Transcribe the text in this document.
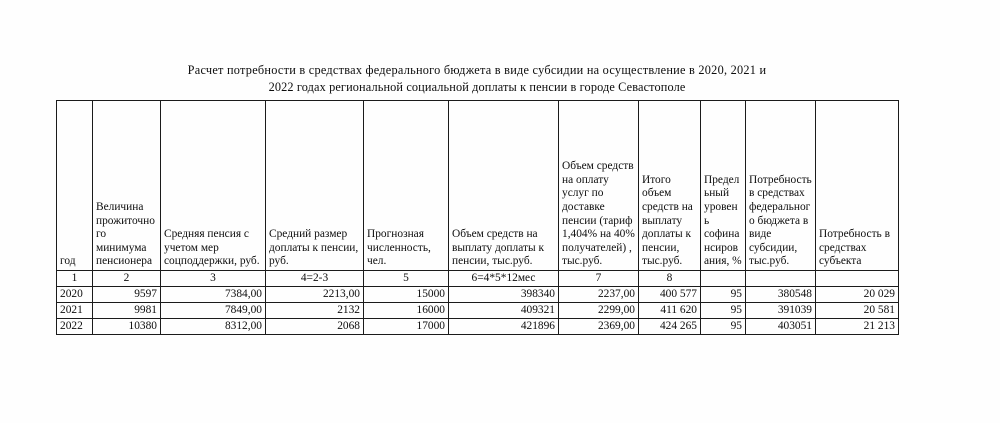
Расчет потребности в средствах федерального бюджета в виде субсидии на осуществление в 2020, 2021 и
2022 годах региональной социальной доплаты к пенсии в городе Севастополе
год	Величина прожиточного минимума пенсионера	Средняя пенсия с учетом мер соцподдержки, руб.	Средний размер доплаты к пенсии, руб.	Прогнозная численность, чел.	Объем средств на выплату доплаты к пенсии, тыс.руб.	Объем средств на оплату услуг по доставке пенсии (тариф 1,404% на 40% получателей) , тыс.руб.	Итого объем средств на выплату доплаты к пенсии, тыс.руб.	Предельный уровень софинансирования, %	Потребность в средствах федерального бюджета в виде субсидии, тыс.руб.	Потребность в средствах субъекта
1	2	3	4=2-3	5	6=4*5*12мес	7	8			
2020	9597	7384,00	2213,00	15000	398340	2237,00	400 577	95	380548	20 029
2021	9981	7849,00	2132	16000	409321	2299,00	411 620	95	391039	20 581
2022	10380	8312,00	2068	17000	421896	2369,00	424 265	95	403051	21 213
